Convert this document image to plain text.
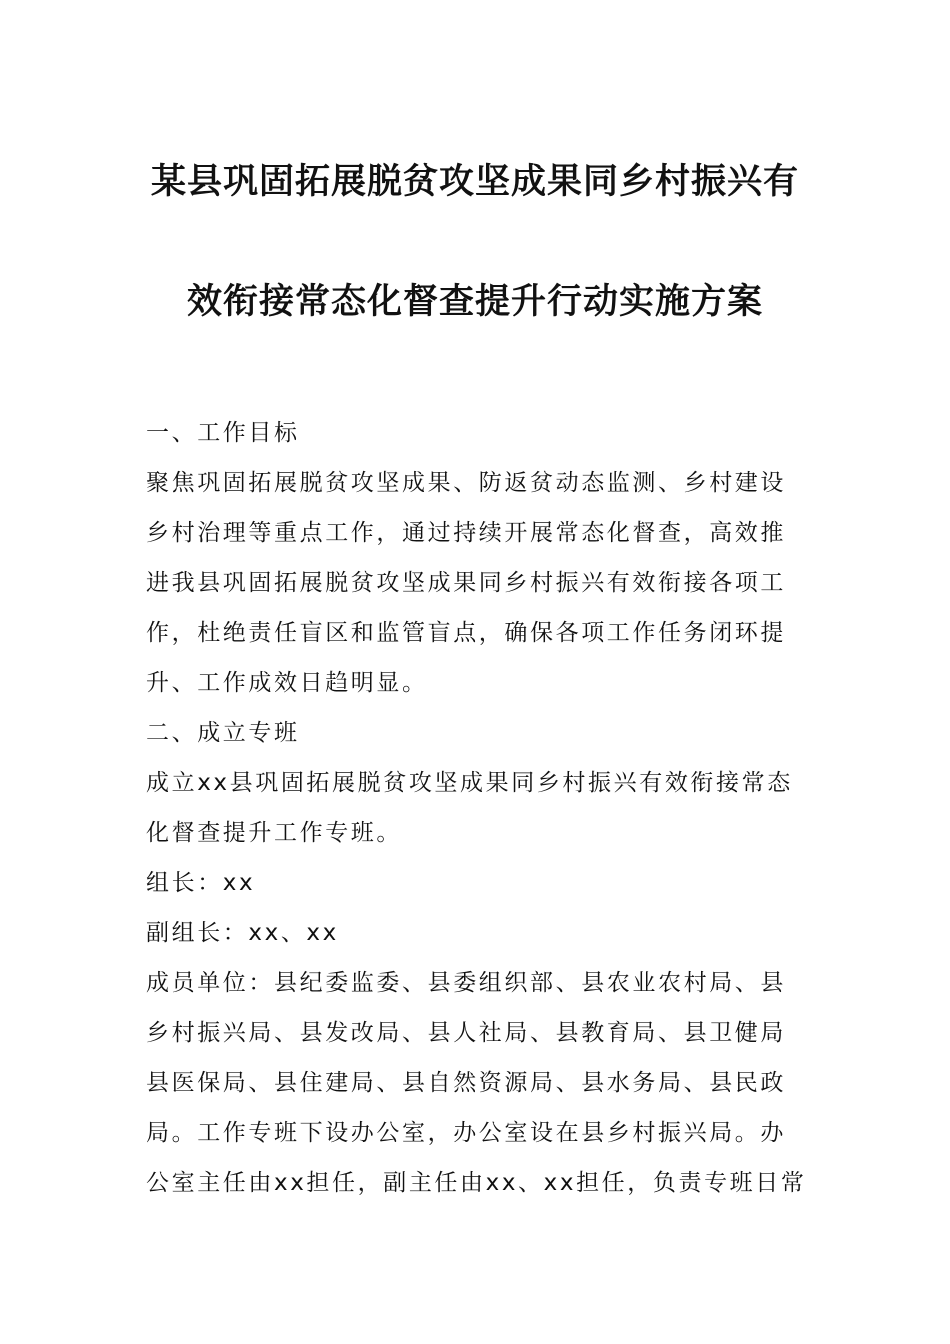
某县巩固拓展脱贫攻坚成果同乡村振兴有
效衔接常态化督查提升行动实施方案
一、工作目标
聚焦巩固拓展脱贫攻坚成果、防返贫动态监测、乡村建设
乡村治理等重点工作，通过持续开展常态化督查，高效推
进我县巩固拓展脱贫攻坚成果同乡村振兴有效衔接各项工
作，杜绝责任盲区和监管盲点，确保各项工作任务闭环提
升、工作成效日趋明显。
二、成立专班
成立xx县巩固拓展脱贫攻坚成果同乡村振兴有效衔接常态
化督查提升工作专班。
组长：xx
副组长：xx、xx
成员单位：县纪委监委、县委组织部、县农业农村局、县
乡村振兴局、县发改局、县人社局、县教育局、县卫健局
县医保局、县住建局、县自然资源局、县水务局、县民政
局。工作专班下设办公室，办公室设在县乡村振兴局。办
公室主任由xx担任，副主任由xx、xx担任，负责专班日常
